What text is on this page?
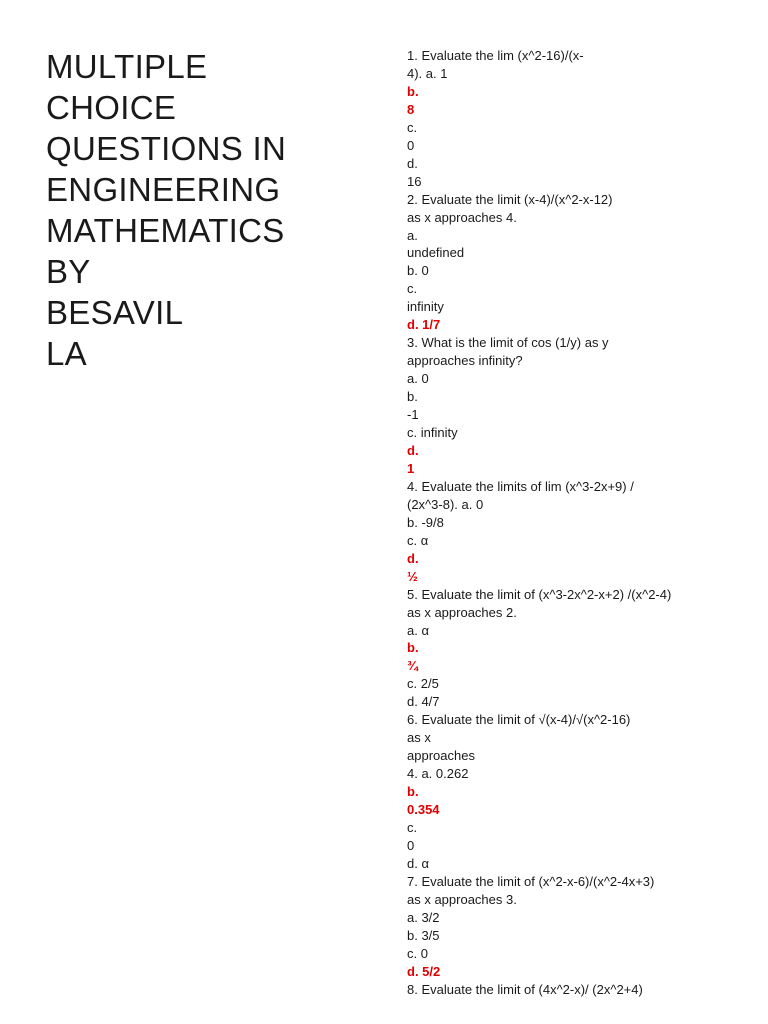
MULTIPLE
CHOICE
QUESTIONS IN
ENGINEERING
MATHEMATICS
BY
BESAVIL
LA
1. Evaluate the lim (x^2-16)/(x-
4). a. 1
b.
8
c.
0
d.
16
2. Evaluate the limit (x-4)/(x^2-x-12)
as x approaches 4.
a.
undefined
b. 0
c.
infinity
d. 1/7
3. What is the limit of cos (1/y) as y
approaches infinity?
a. 0
b.
-1
c. infinity
d.
1
4. Evaluate the limits of lim (x^3-2x+9) /
(2x^3-8). a. 0
b. -9/8
c. α
d.
½
5. Evaluate the limit of (x^3-2x^2-x+2) /(x^2-4)
as x approaches 2.
a. α
b.
¾
c. 2/5
d. 4/7
6. Evaluate the limit of √(x-4)/√(x^2-16)
as x
approaches
4. a. 0.262
b.
0.354
c.
0
d. α
7. Evaluate the limit of (x^2-x-6)/(x^2-4x+3)
as x approaches 3.
a. 3/2
b. 3/5
c. 0
d. 5/2
8. Evaluate the limit of (4x^2-x)/ (2x^2+4)
